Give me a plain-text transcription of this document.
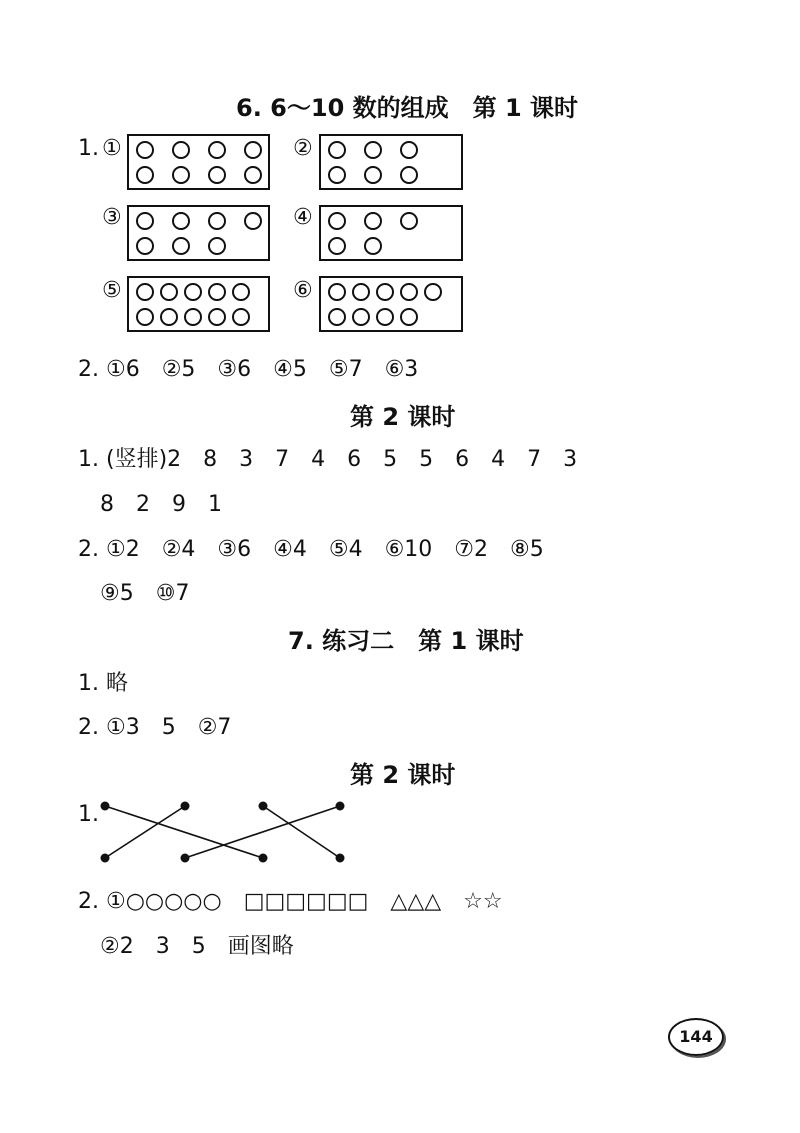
6. 6～10 数的组成　第 1 课时
1. ①	②
③	④
⑤	⑥
2. ①6　②5　③6　④5　⑤7　⑥3
第 2 课时
1. (竖排)2　8　3　7　4　6　5　5　6　4　7　3
8　2　9　1
2. ①2　②4　③6　④4　⑤4　⑥10　⑦2　⑧5
⑨5　⑩7
7. 练习二　第 1 课时
1. 略
2. ①3　5　②7
第 2 课时
1.
2. ①○○○○○　□□□□□□　△△△　☆☆
②2　3　5　画图略
144
